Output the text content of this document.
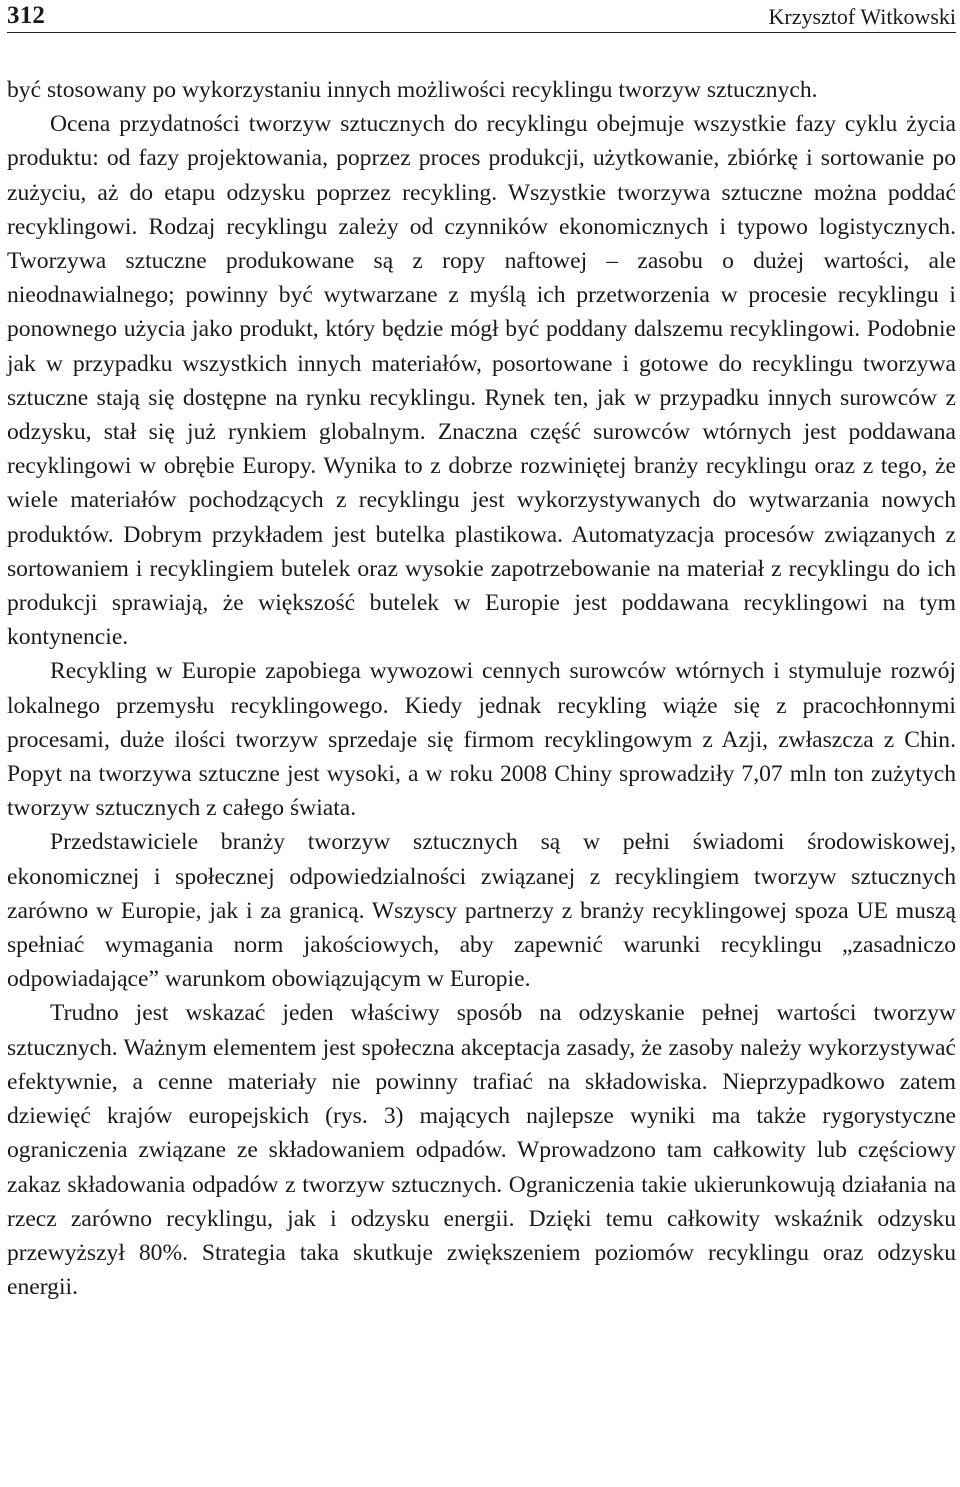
312	Krzysztof Witkowski

być stosowany po wykorzystaniu innych możliwości recyklingu tworzyw sztucznych.

Ocena przydatności tworzyw sztucznych do recyklingu obejmuje wszystkie fazy cyklu życia produktu: od fazy projektowania, poprzez proces produkcji, użytkowanie, zbiórkę i sortowanie po zużyciu, aż do etapu odzysku poprzez recykling. Wszystkie tworzywa sztuczne można poddać recyklingowi. Rodzaj recyklingu zależy od czynników ekonomicznych i typowo logistycznych. Tworzywa sztuczne produkowane są z ropy naftowej – zasobu o dużej wartości, ale nieodnawialnego; powinny być wytwarzane z myślą ich przetworzenia w procesie recyklingu i ponownego użycia jako produkt, który będzie mógł być poddany dalszemu recyklingowi. Podobnie jak w przypadku wszystkich innych materiałów, posortowane i gotowe do recyklingu tworzywa sztuczne stają się dostępne na rynku recyklingu. Rynek ten, jak w przypadku innych surowców z odzysku, stał się już rynkiem globalnym. Znaczna część surowców wtórnych jest poddawana recyklingowi w obrębie Europy. Wynika to z dobrze rozwiniętej branży recyklingu oraz z tego, że wiele materiałów pochodzących z recyklingu jest wykorzystywanych do wytwarzania nowych produktów. Dobrym przykładem jest butelka plastikowa. Automatyzacja procesów związanych z sortowaniem i recyklingiem butelek oraz wysokie zapotrzebowanie na materiał z recyklingu do ich produkcji sprawiają, że większość butelek w Europie jest poddawana recyklingowi na tym kontynencie.

Recykling w Europie zapobiega wywozowi cennych surowców wtórnych i stymuluje rozwój lokalnego przemysłu recyklingowego. Kiedy jednak recykling wiąże się z pracochłonnymi procesami, duże ilości tworzyw sprzedaje się firmom recyklingowym z Azji, zwłaszcza z Chin. Popyt na tworzywa sztuczne jest wysoki, a w roku 2008 Chiny sprowadziły 7,07 mln ton zużytych tworzyw sztucznych z całego świata.

Przedstawiciele branży tworzyw sztucznych są w pełni świadomi środowiskowej, ekonomicznej i społecznej odpowiedzialności związanej z recyklingiem tworzyw sztucznych zarówno w Europie, jak i za granicą. Wszyscy partnerzy z branży recyklingowej spoza UE muszą spełniać wymagania norm jakościowych, aby zapewnić warunki recyklingu „zasadniczo odpowiadające” warunkom obowiązującym w Europie.

Trudno jest wskazać jeden właściwy sposób na odzyskanie pełnej wartości tworzyw sztucznych. Ważnym elementem jest społeczna akceptacja zasady, że zasoby należy wykorzystywać efektywnie, a cenne materiały nie powinny trafiać na składowiska. Nieprzypadkowo zatem dziewięć krajów europejskich (rys. 3) mających najlepsze wyniki ma także rygorystyczne ograniczenia związane ze składowaniem odpadów. Wprowadzono tam całkowity lub częściowy zakaz składowania odpadów z tworzyw sztucznych. Ograniczenia takie ukierunkowują działania na rzecz zarówno recyklingu, jak i odzysku energii. Dzięki temu całkowity wskaźnik odzysku przewyższył 80%. Strategia taka skutkuje zwiększeniem poziomów recyklingu oraz odzysku energii.
